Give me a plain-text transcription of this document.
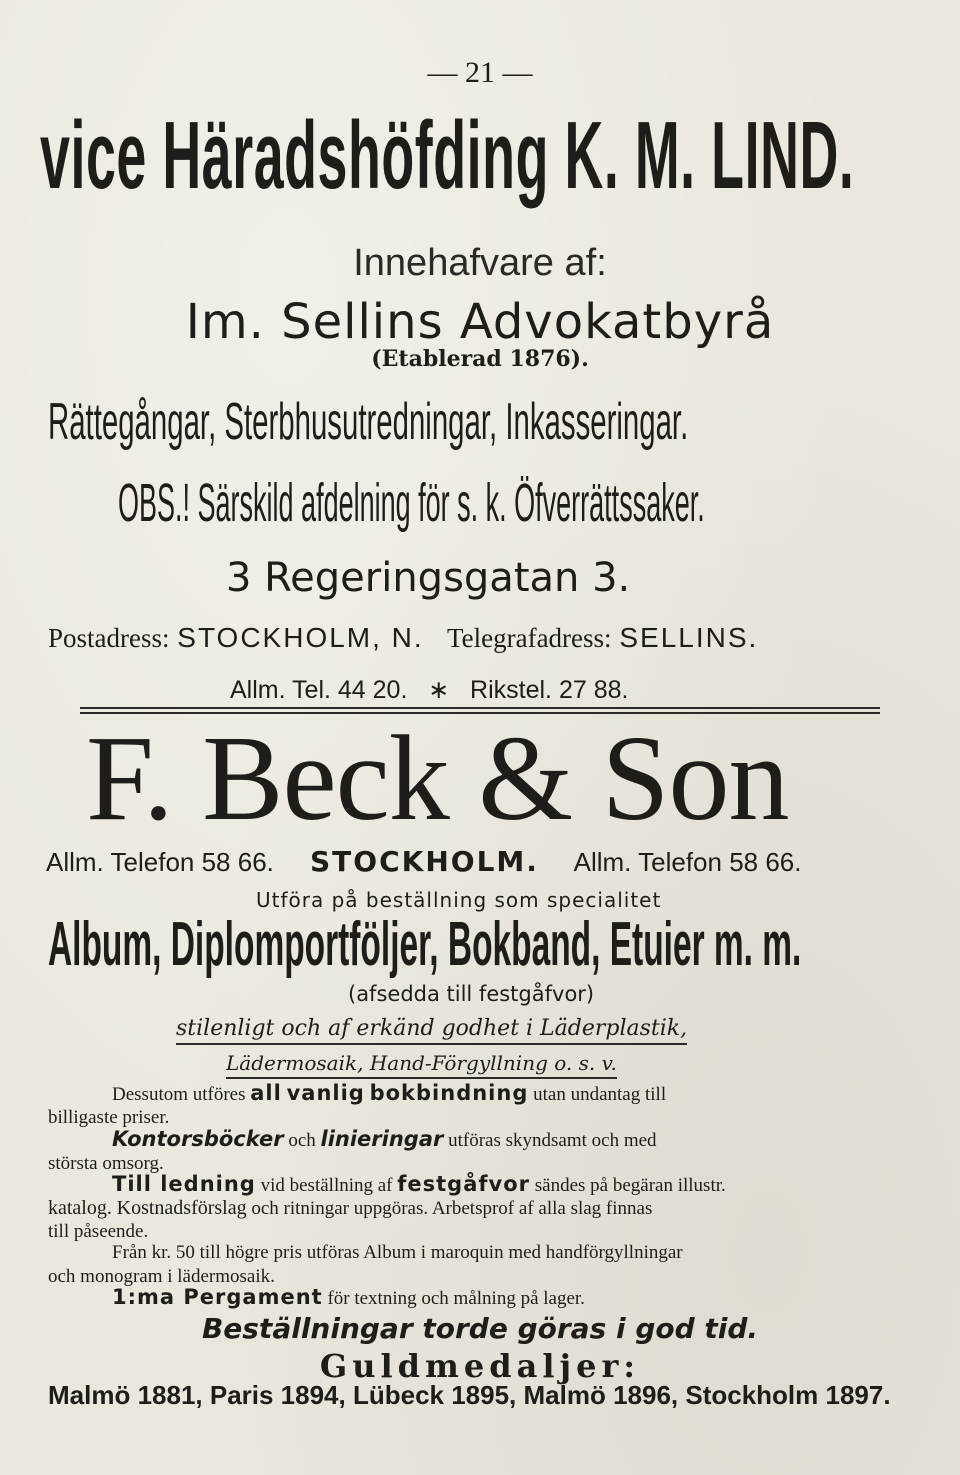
— 21 —
vice Häradshöfding K. M. LIND.
Innehafvare af:
Im. Sellins Advokatbyrå
(Etablerad 1876).
Rättegångar, Sterbhusutredningar, Inkasseringar.
OBS.! Särskild afdelning för s. k. Öfverrättssaker.
3 Regeringsgatan 3.
Postadress: STOCKHOLM, N. Telegrafadress: SELLINS.
Allm. Tel. 44 20. ∗ Rikstel. 27 88.
F. Beck & Son
Allm. Telefon 58 66. STOCKHOLM. Allm. Telefon 58 66.
Utföra på beställning som specialitet
Album, Diplomportföljer, Bokband, Etuier m. m.
(afsedda till festgåfvor)
stilenligt och af erkänd godhet i Läderplastik,
Lädermosaik, Hand-Förgyllning o. s. v.
Dessutom utföres all vanlig bokbindning utan undantag till
billigaste priser.
Kontorsböcker och linieringar utföras skyndsamt och med
största omsorg.
Till ledning vid beställning af festgåfvor sändes på begäran illustr.
katalog. Kostnadsförslag och ritningar uppgöras. Arbetsprof af alla slag finnas
till påseende.
Från kr. 50 till högre pris utföras Album i maroquin med handförgyllningar
och monogram i lädermosaik.
1:ma Pergament för textning och målning på lager.
Beställningar torde göras i god tid.
Guldmedaljer:
Malmö 1881, Paris 1894, Lübeck 1895, Malmö 1896, Stockholm 1897.
